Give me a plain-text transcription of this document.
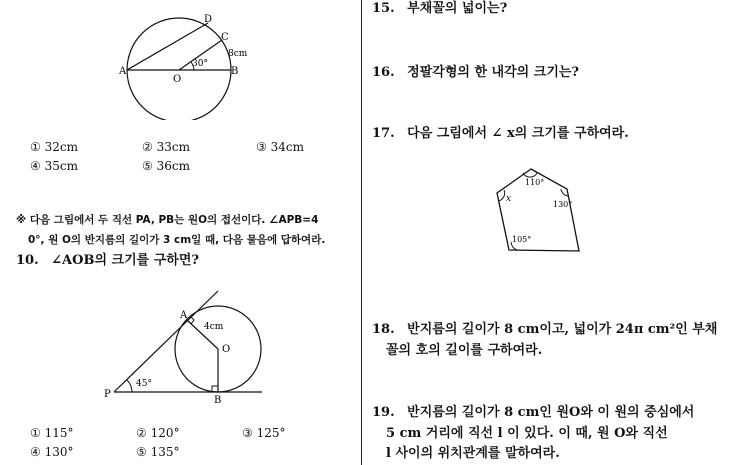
A
O
B
C
D
30°
8cm
① 32cm	② 33cm	③ 34cm
④ 35cm	⑤ 36cm
※ 다음 그림에서 두 직선 PA, PB는 원O의 접선이다. ∠APB=4
0°, 원 O의 반지름의 길이가 3 cm일 때, 다음 물음에 답하여라.
10. ∠AOB의 크기를 구하면?
A
O
B
P
45°
4cm
① 115°	② 120°	③ 125°
④ 130°	⑤ 135°
15. 부채꼴의 넓이는?
16. 정팔각형의 한 내각의 크기는?
17. 다음 그림에서 ∠ x의 크기를 구하여라.
110°
130°
105°
x
18. 반지름의 길이가 8 cm이고, 넓이가 24π cm²인 부채
꼴의 호의 길이를 구하여라.
19. 반지름의 길이가 8 cm인 원O와 이 원의 중심에서
5 cm 거리에 직선 l 이 있다. 이 때, 원 O와 직선
l 사이의 위치관계를 말하여라.
